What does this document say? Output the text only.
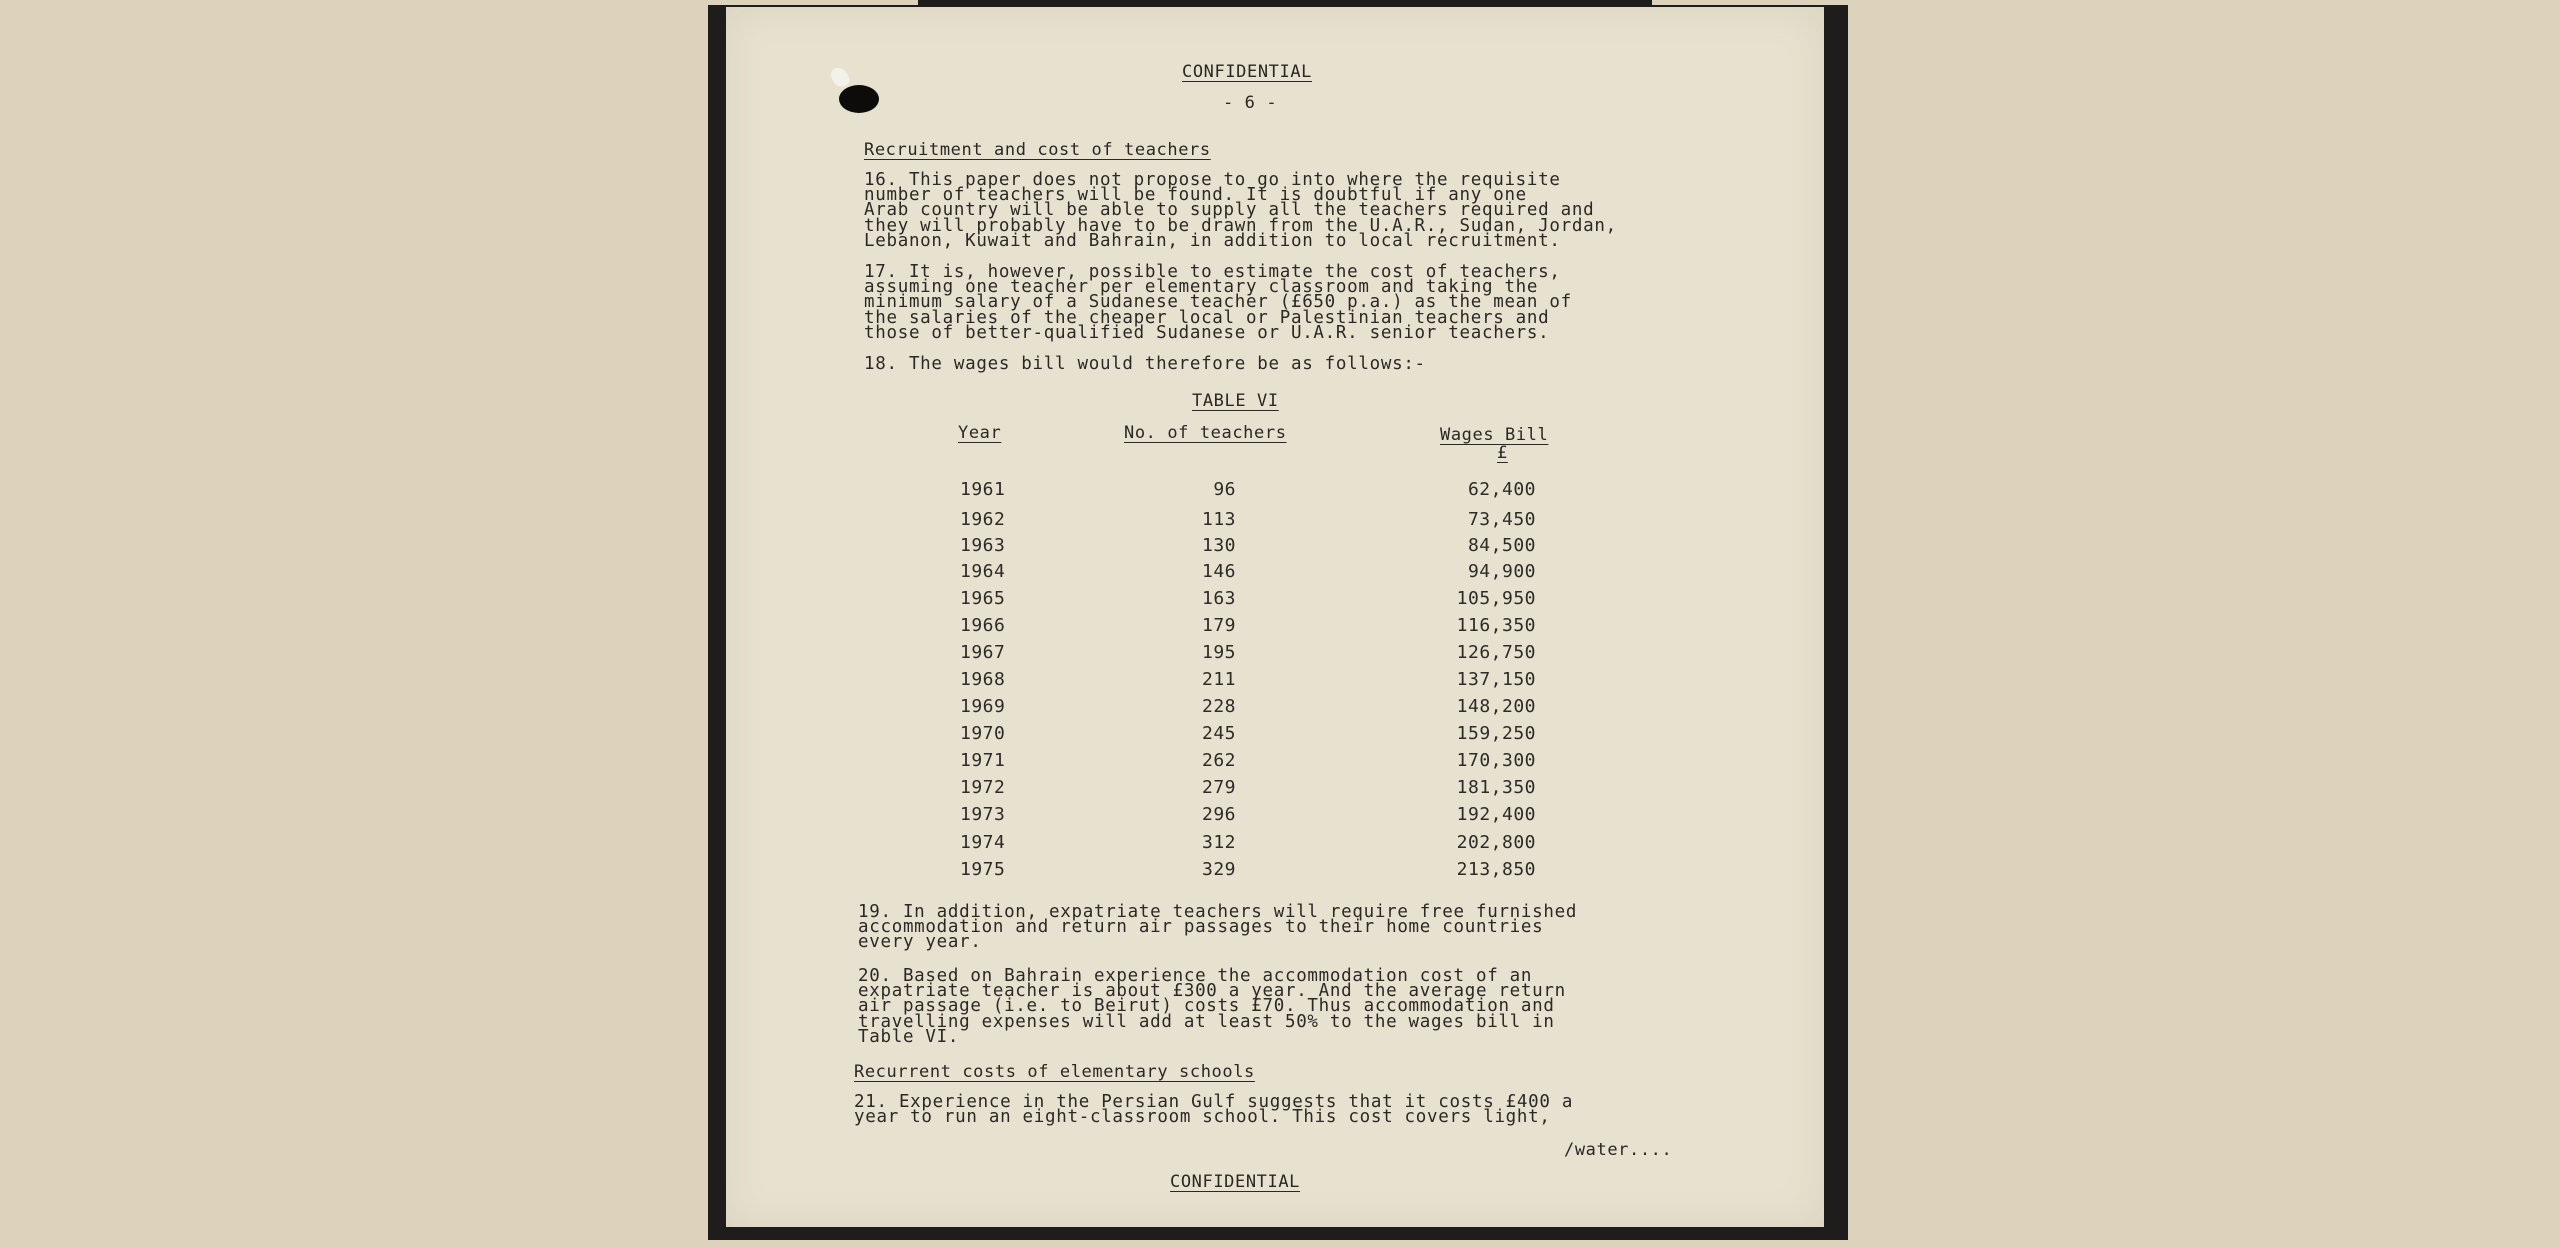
CONFIDENTIAL
- 6 -
Recruitment and cost of teachers
16. This paper does not propose to go into where the requisite
number of teachers will be found. It is doubtful if any one
Arab country will be able to supply all the teachers required and
they will probably have to be drawn from the U.A.R., Sudan, Jordan,
Lebanon, Kuwait and Bahrain, in addition to local recruitment.
17. It is, however, possible to estimate the cost of teachers,
assuming one teacher per elementary classroom and taking the
minimum salary of a Sudanese teacher (£650 p.a.) as the mean of
the salaries of the cheaper local or Palestinian teachers and
those of better-qualified Sudanese or U.A.R. senior teachers.
18. The wages bill would therefore be as follows:-
TABLE VI
Year	No. of teachers	Wages Bill
£
1961	96	62,400
1962	113	73,450
1963	130	84,500
1964	146	94,900
1965	163	105,950
1966	179	116,350
1967	195	126,750
1968	211	137,150
1969	228	148,200
1970	245	159,250
1971	262	170,300
1972	279	181,350
1973	296	192,400
1974	312	202,800
1975	329	213,850
19. In addition, expatriate teachers will require free furnished
accommodation and return air passages to their home countries
every year.
20. Based on Bahrain experience the accommodation cost of an
expatriate teacher is about £300 a year. And the average return
air passage (i.e. to Beirut) costs £70. Thus accommodation and
travelling expenses will add at least 50% to the wages bill in
Table VI.
Recurrent costs of elementary schools
21. Experience in the Persian Gulf suggests that it costs £400 a
year to run an eight-classroom school. This cost covers light,
/water....
CONFIDENTIAL
